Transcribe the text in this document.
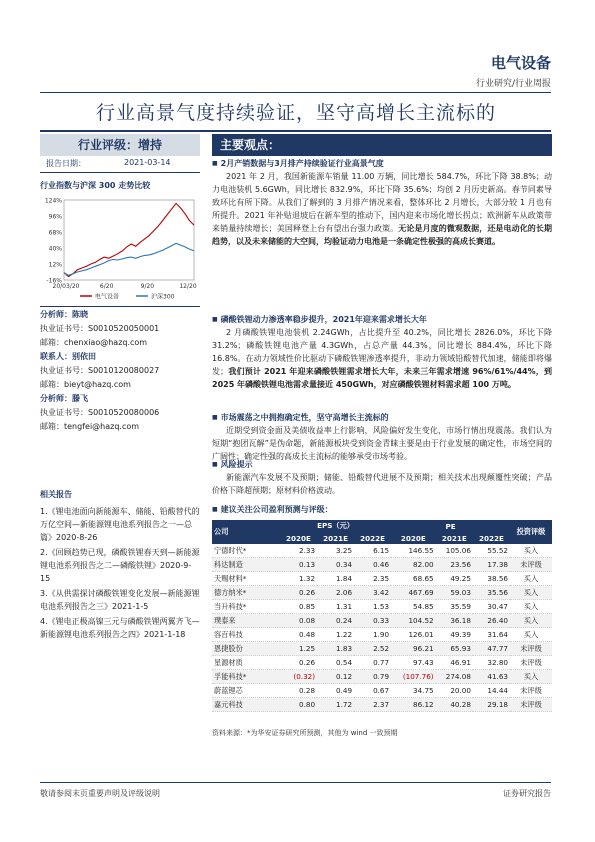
电气设备
行业研究/行业周报
行业高景气度持续验证，坚守高增长主流标的
行业评级：增持
报告日期：	2021-03-14
行业指数与沪深 300 走势比较
-16%
12%
40%
68%
96%
124%
20/03/20	6/20	9/20	12/20
电气设备	沪深300
分析师：陈晓
执业证书号：S0010520050001
邮箱：chenxiao@hazq.com
联系人：别依田
执业证书号：S0010120080027
邮箱：bieyt@hazq.com
分析师：滕飞
执业证书号：S0010520080006
邮箱：tengfei@hazq.com
相关报告

1.《锂电池面向新能源车、储能、铅酸替代的万亿空间—新能源锂电池系列报告之一—总篇》2020-8-26

2.《回顾趋势已现，磷酸铁锂春天到—新能源锂电池系列报告之二—磷酸铁锂》2020-9-15

3.《从供需探讨磷酸铁锂变化发展—新能源锂电池系列报告之三》2021-1-5

4.《锂电正极高镍三元与磷酸铁锂两翼齐飞—新能源锂电池系列报告之四》2021-1-18

主要观点：
■ 2月产销数据与3月排产持续验证行业高景气度

2021 年 2 月，我国新能源车销量 11.00 万辆，同比增长 584.7%，环比下降 38.8%；动力电池装机 5.6GWh，同比增长 832.9%，环比下降 35.6%；均创 2 月历史新高。春节同素导致环比有所下降。从我们了解到的 3 月排产情况来看，整体环比 2 月增长，大部分较 1 月也有所提升。2021 年补贴退坡后在新车型的推动下，国内迎来市场化增长拐点；欧洲新车从政策带来销量持续增长；美国释登上台有望出台强力政策。无论是月度的微观数据，还是电动化的长期趋势，以及未来储能的大空间，均验证动力电池是一条确定性极强的高成长赛道。

■ 磷酸铁锂动力渗透率稳步提升，2021年迎来需求增长大年

2 月磷酸铁锂电池装机 2.24GWh，占比提升至 40.2%，同比增长 2826.0%，环比下降 31.2%；磷酸铁锂电池产量 4.3GWh，占总产量 44.3%，同比增长 884.4%，环比下降 16.8%。在动力领域性价比驱动下磷酸铁锂渗透率提升，非动力领域铅酸替代加速，储能即将爆发；我们预计 2021 年迎来磷酸铁锂需求增长大年，未来三年需求增速 96%/61%/44%，到 2025 年磷酸铁锂电池需求量接近 450GWh，对应磷酸铁锂材料需求超 100 万吨。

■ 市场震荡之中拥抱确定性，坚守高增长主流标的

近期受到资金面及美债收益率上行影响，风险偏好发生变化，市场行情出现震荡。我们认为短期“抱团瓦解”是伪命题，新能源板块受到资金青睐主要是由于行业发展的确定性，市场空间的广阔性；确定性强的高成长主流标的能够承受市场考验。

■ 风险提示

新能源汽车发展不及预期；储能、铅酸替代进展不及预期；相关技术出现颠覆性突破；产品价格下降超预期；原材料价格波动。

■ 建议关注公司盈利预测与评级：
公司	EPS（元）			PE			投资评级
	2020E	2021E	2022E	2020E	2021E	2022E	
宁德时代*	2.33	3.25	6.15	146.55	105.06	55.52	买入
科达制造	0.13	0.34	0.46	82.00	23.56	17.38	未评级
天赐材料*	1.32	1.84	2.35	68.65	49.25	38.56	买入
德方纳米*	0.26	2.06	3.42	467.69	59.03	35.56	买入
当升科技*	0.85	1.31	1.53	54.85	35.59	30.47	买入
璞泰来	0.08	0.24	0.33	104.52	36.18	26.40	买入
容百科技	0.48	1.22	1.90	126.01	49.39	31.64	买入
恩捷股份	1.25	1.83	2.52	96.21	65.93	47.77	未评级
星源材质	0.26	0.54	0.77	97.43	46.91	32.80	未评级
孚能科技*	(0.32)	0.12	0.79	(107.76)	274.08	41.63	买入
蔚蓝锂芯	0.28	0.49	0.67	34.75	20.00	14.44	未评级
嘉元科技	0.80	1.72	2.37	86.12	40.28	29.18	未评级
资料来源：*为华安证券研究所预测，其他为 wind 一致预期
敬请参阅末页重要声明及评级说明	证券研究报告
